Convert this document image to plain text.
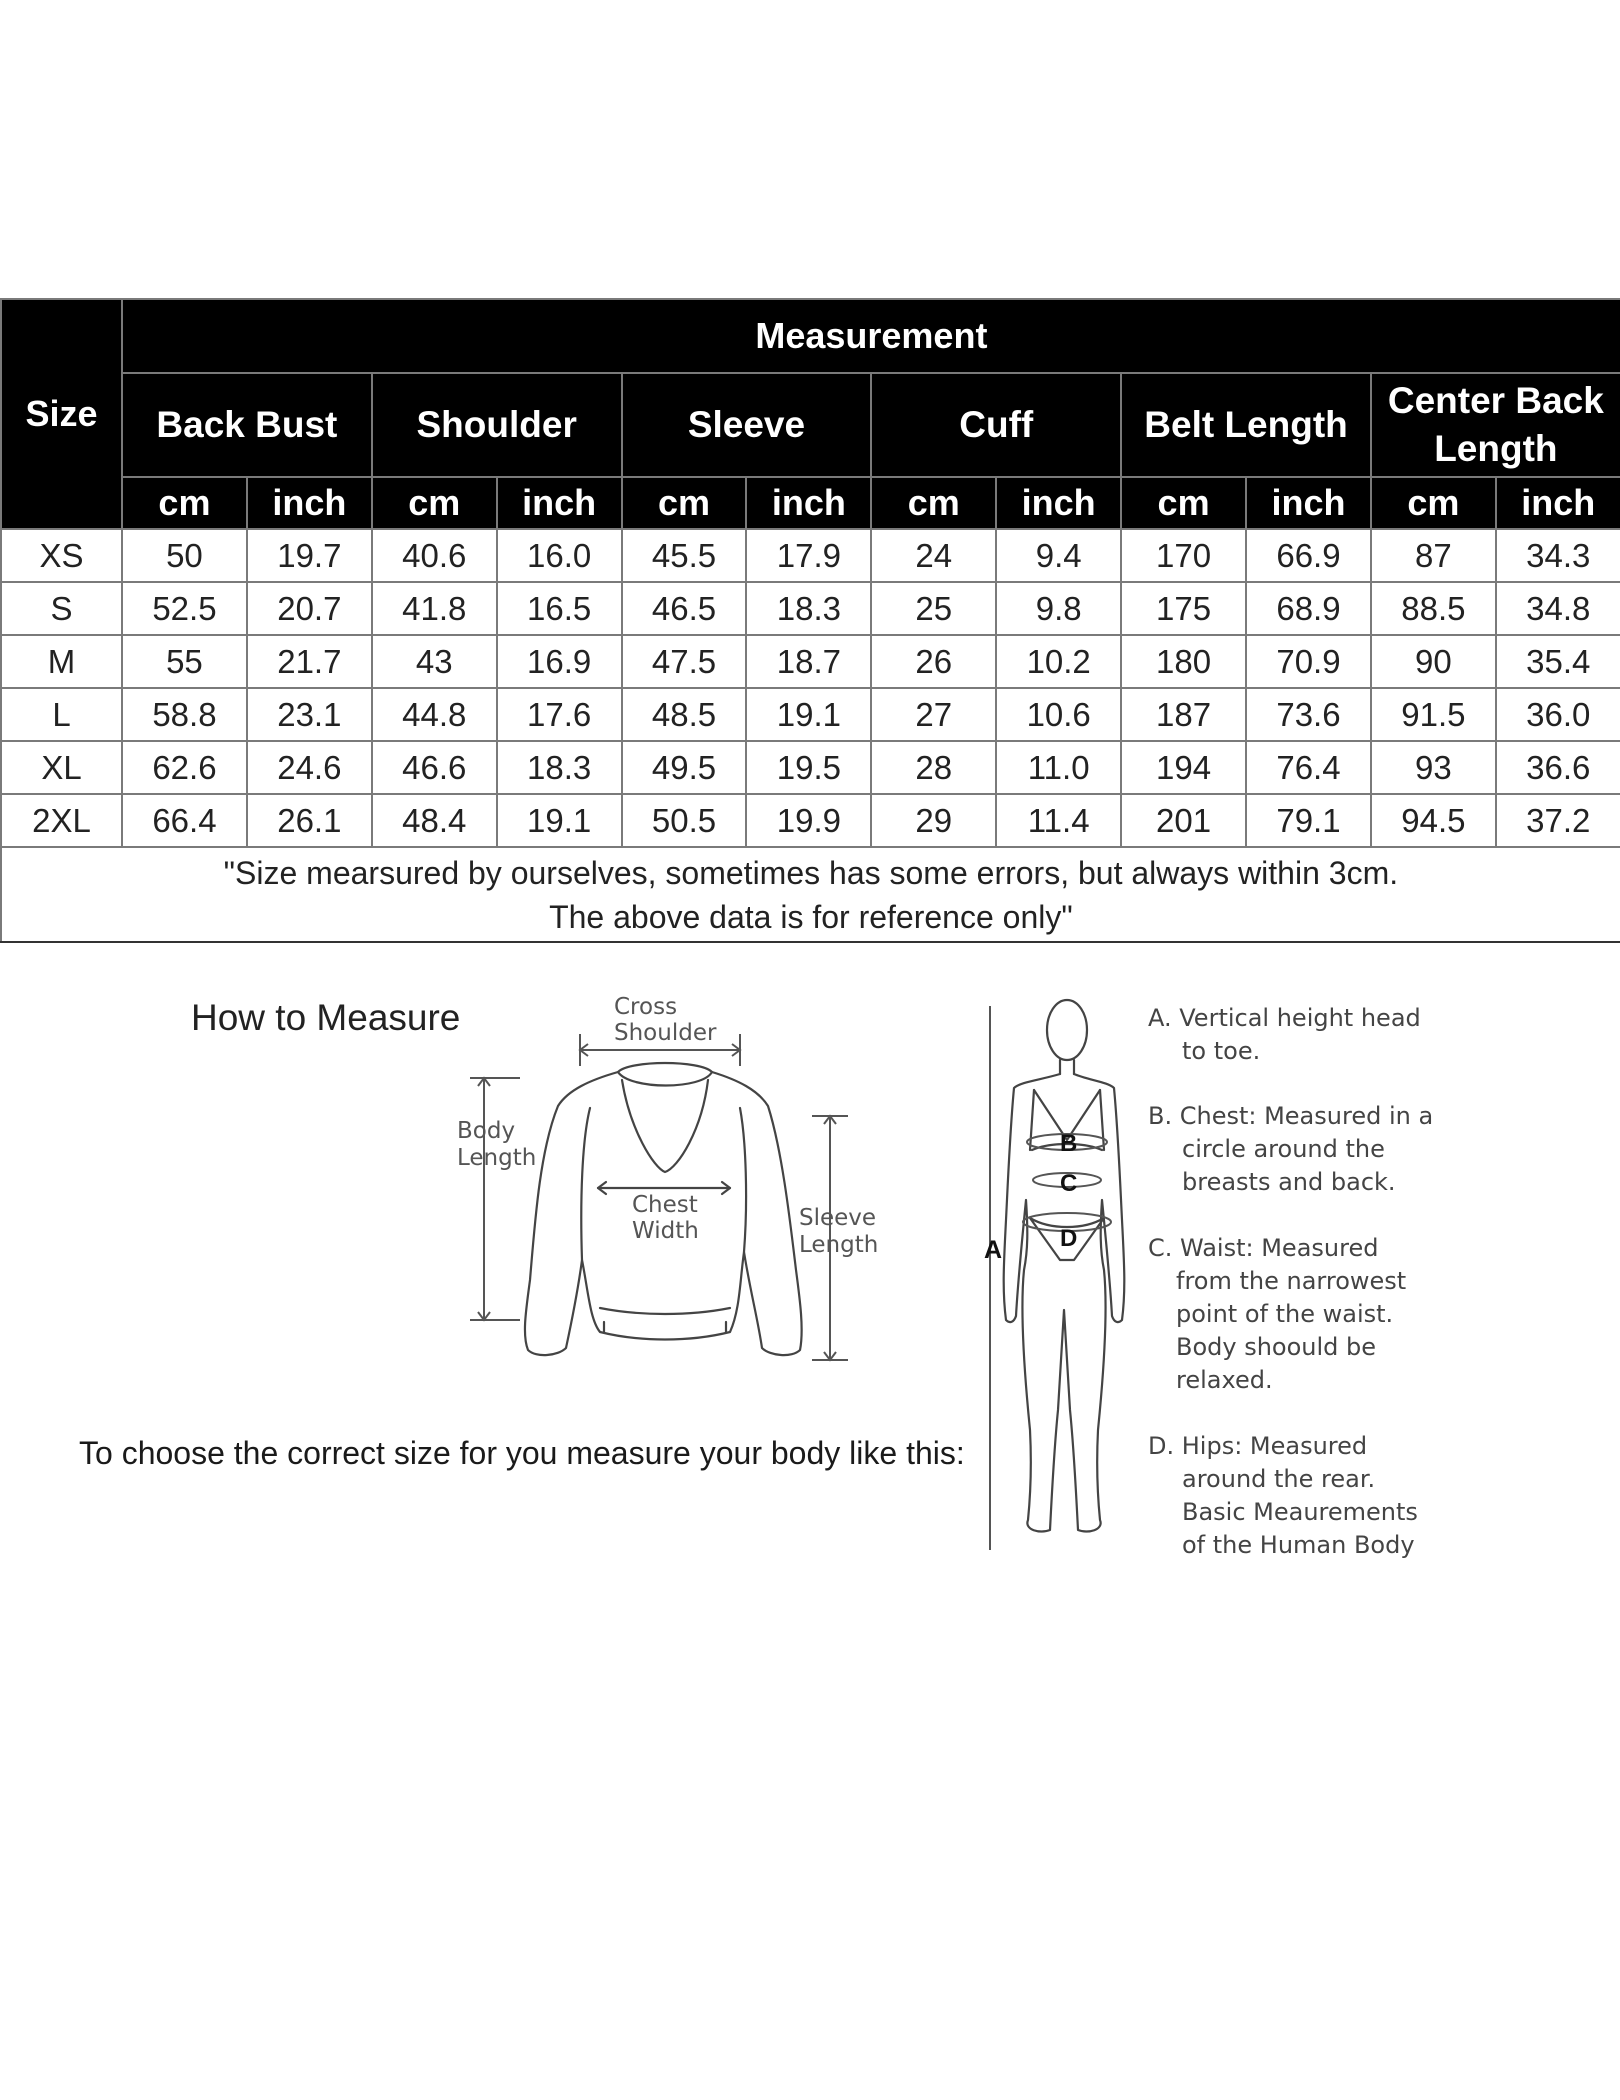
Size	Measurement											
	Back Bust		Shoulder		Sleeve		Cuff		Belt Length		Center Back Length	
	cm	inch	cm	inch	cm	inch	cm	inch	cm	inch	cm	inch
XS	50	19.7	40.6	16.0	45.5	17.9	24	9.4	170	66.9	87	34.3
S	52.5	20.7	41.8	16.5	46.5	18.3	25	9.8	175	68.9	88.5	34.8
M	55	21.7	43	16.9	47.5	18.7	26	10.2	180	70.9	90	35.4
L	58.8	23.1	44.8	17.6	48.5	19.1	27	10.6	187	73.6	91.5	36.0
XL	62.6	24.6	46.6	18.3	49.5	19.5	28	11.0	194	76.4	93	36.6
2XL	66.4	26.1	48.4	19.1	50.5	19.9	29	11.4	201	79.1	94.5	37.2

"Size mearsured by ourselves, sometimes has some errors, but always within 3cm.
The above data is for reference only"												
How to Measure
To choose the correct size for you measure your body like this:
Cross
Shoulder
Body
Length
Chest
Width	Sleeve
Length
B
C
D
A
A. Vertical height head
to toe.
B. Chest: Measured in a
circle around the
breasts and back.
C. Waist: Measured
from the narrowest
point of the waist.
Body shoould be
relaxed.
D. Hips: Measured
around the rear.
Basic Meaurements
of the Human Body
